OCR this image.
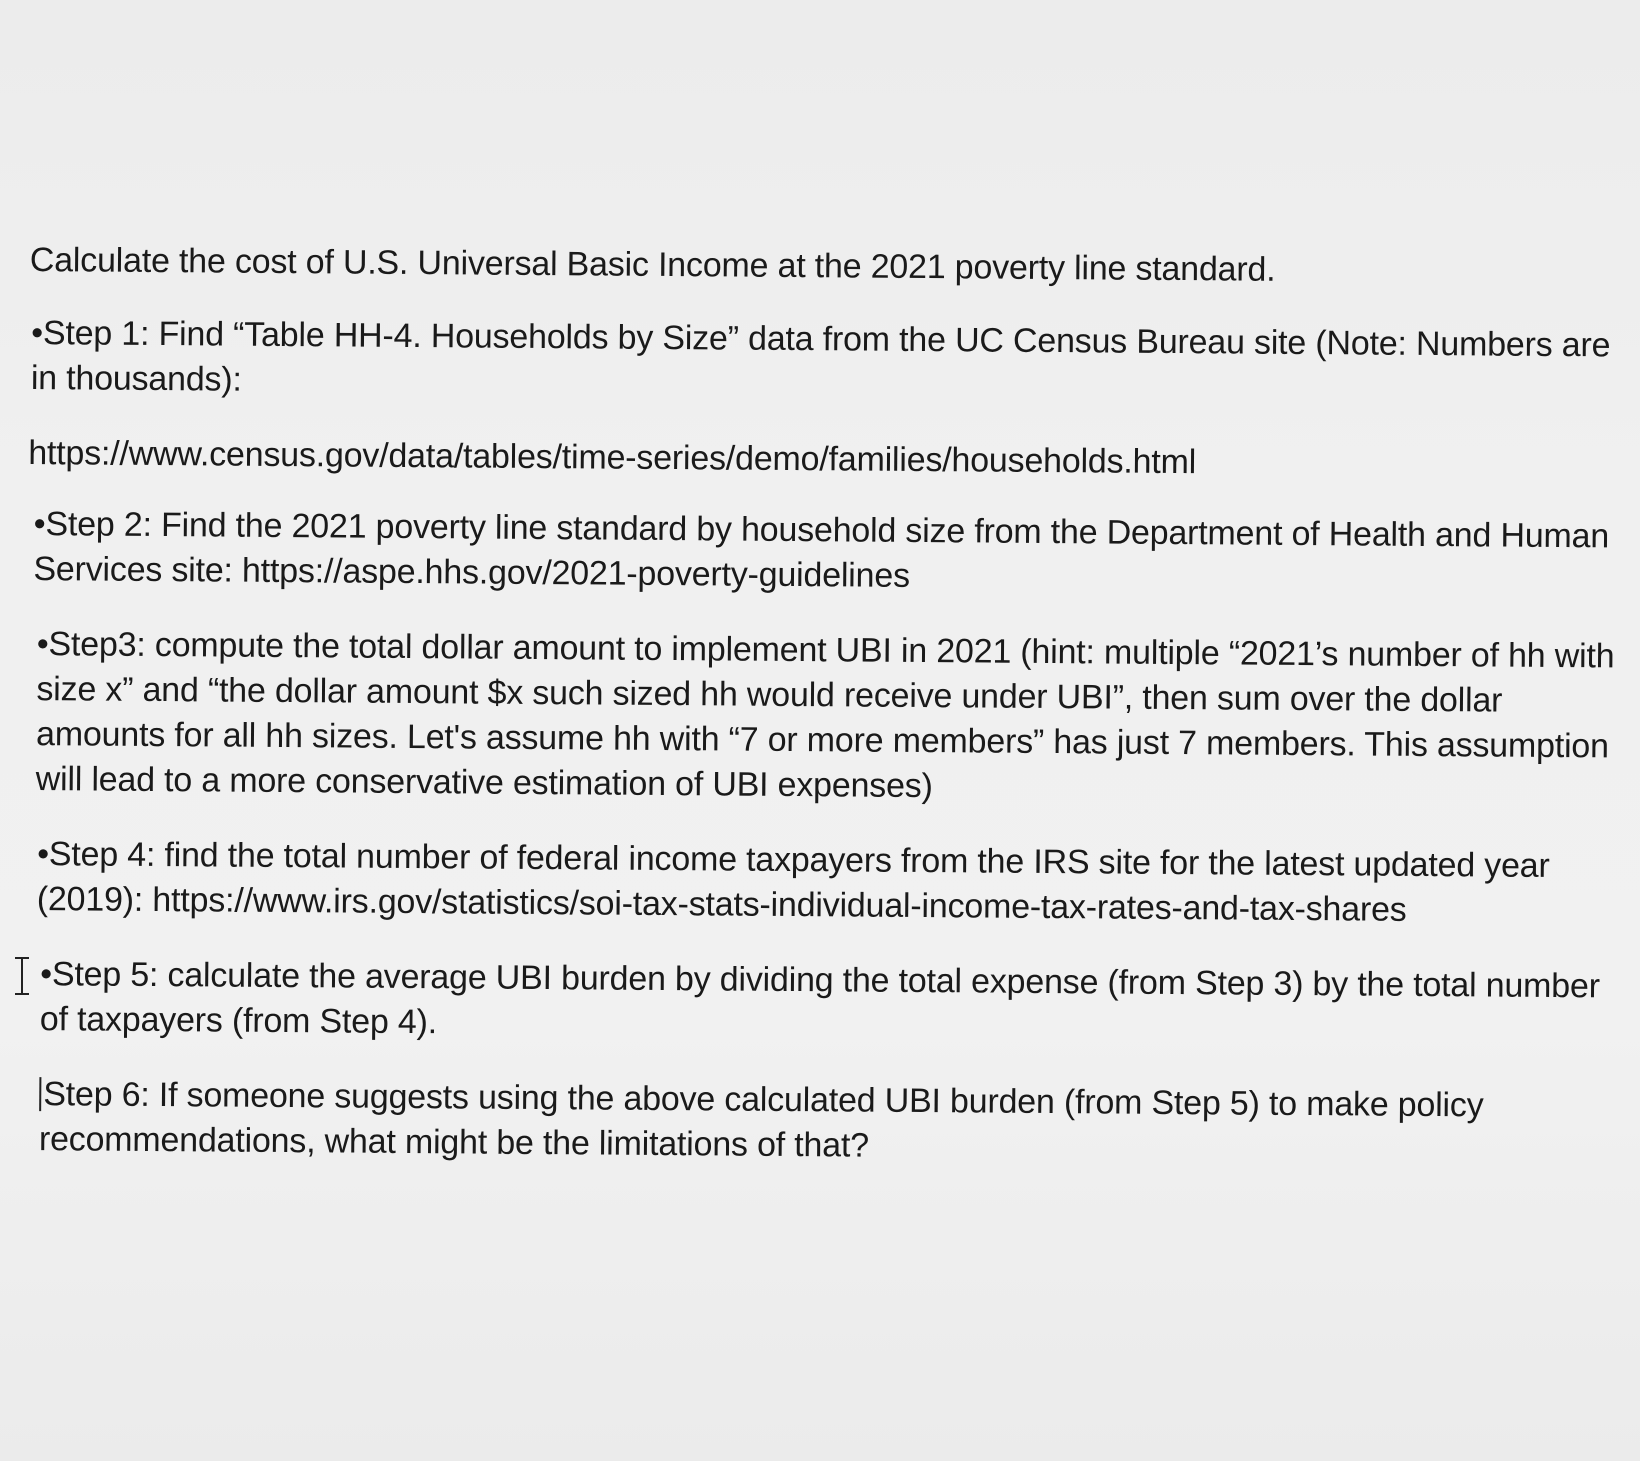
Calculate the cost of U.S. Universal Basic Income at the 2021 poverty line standard.

•Step 1: Find “Table HH-4. Households by Size” data from the UC Census Bureau site (Note: Numbers are in thousands):

https://www.census.gov/data/tables/time-series/demo/families/households.html

•Step 2: Find the 2021 poverty line standard by household size from the Department of Health and Human Services site: https://aspe.hhs.gov/2021-poverty-guidelines

•Step3: compute the total dollar amount to implement UBI in 2021 (hint: multiple “2021’s number of hh with size x” and “the dollar amount $x such sized hh would receive under UBI”, then sum over the dollar amounts for all hh sizes. Let's assume hh with “7 or more members” has just 7 members. This assumption will lead to a more conservative estimation of UBI expenses)

•Step 4: find the total number of federal income taxpayers from the IRS site for the latest updated year (2019): https://www.irs.gov/statistics/soi-tax-stats-individual-income-tax-rates-and-tax-shares

•Step 5: calculate the average UBI burden by dividing the total expense (from Step 3) by the total number of taxpayers (from Step 4).

Step 6: If someone suggests using the above calculated UBI burden (from Step 5) to make policy recommendations, what might be the limitations of that?
